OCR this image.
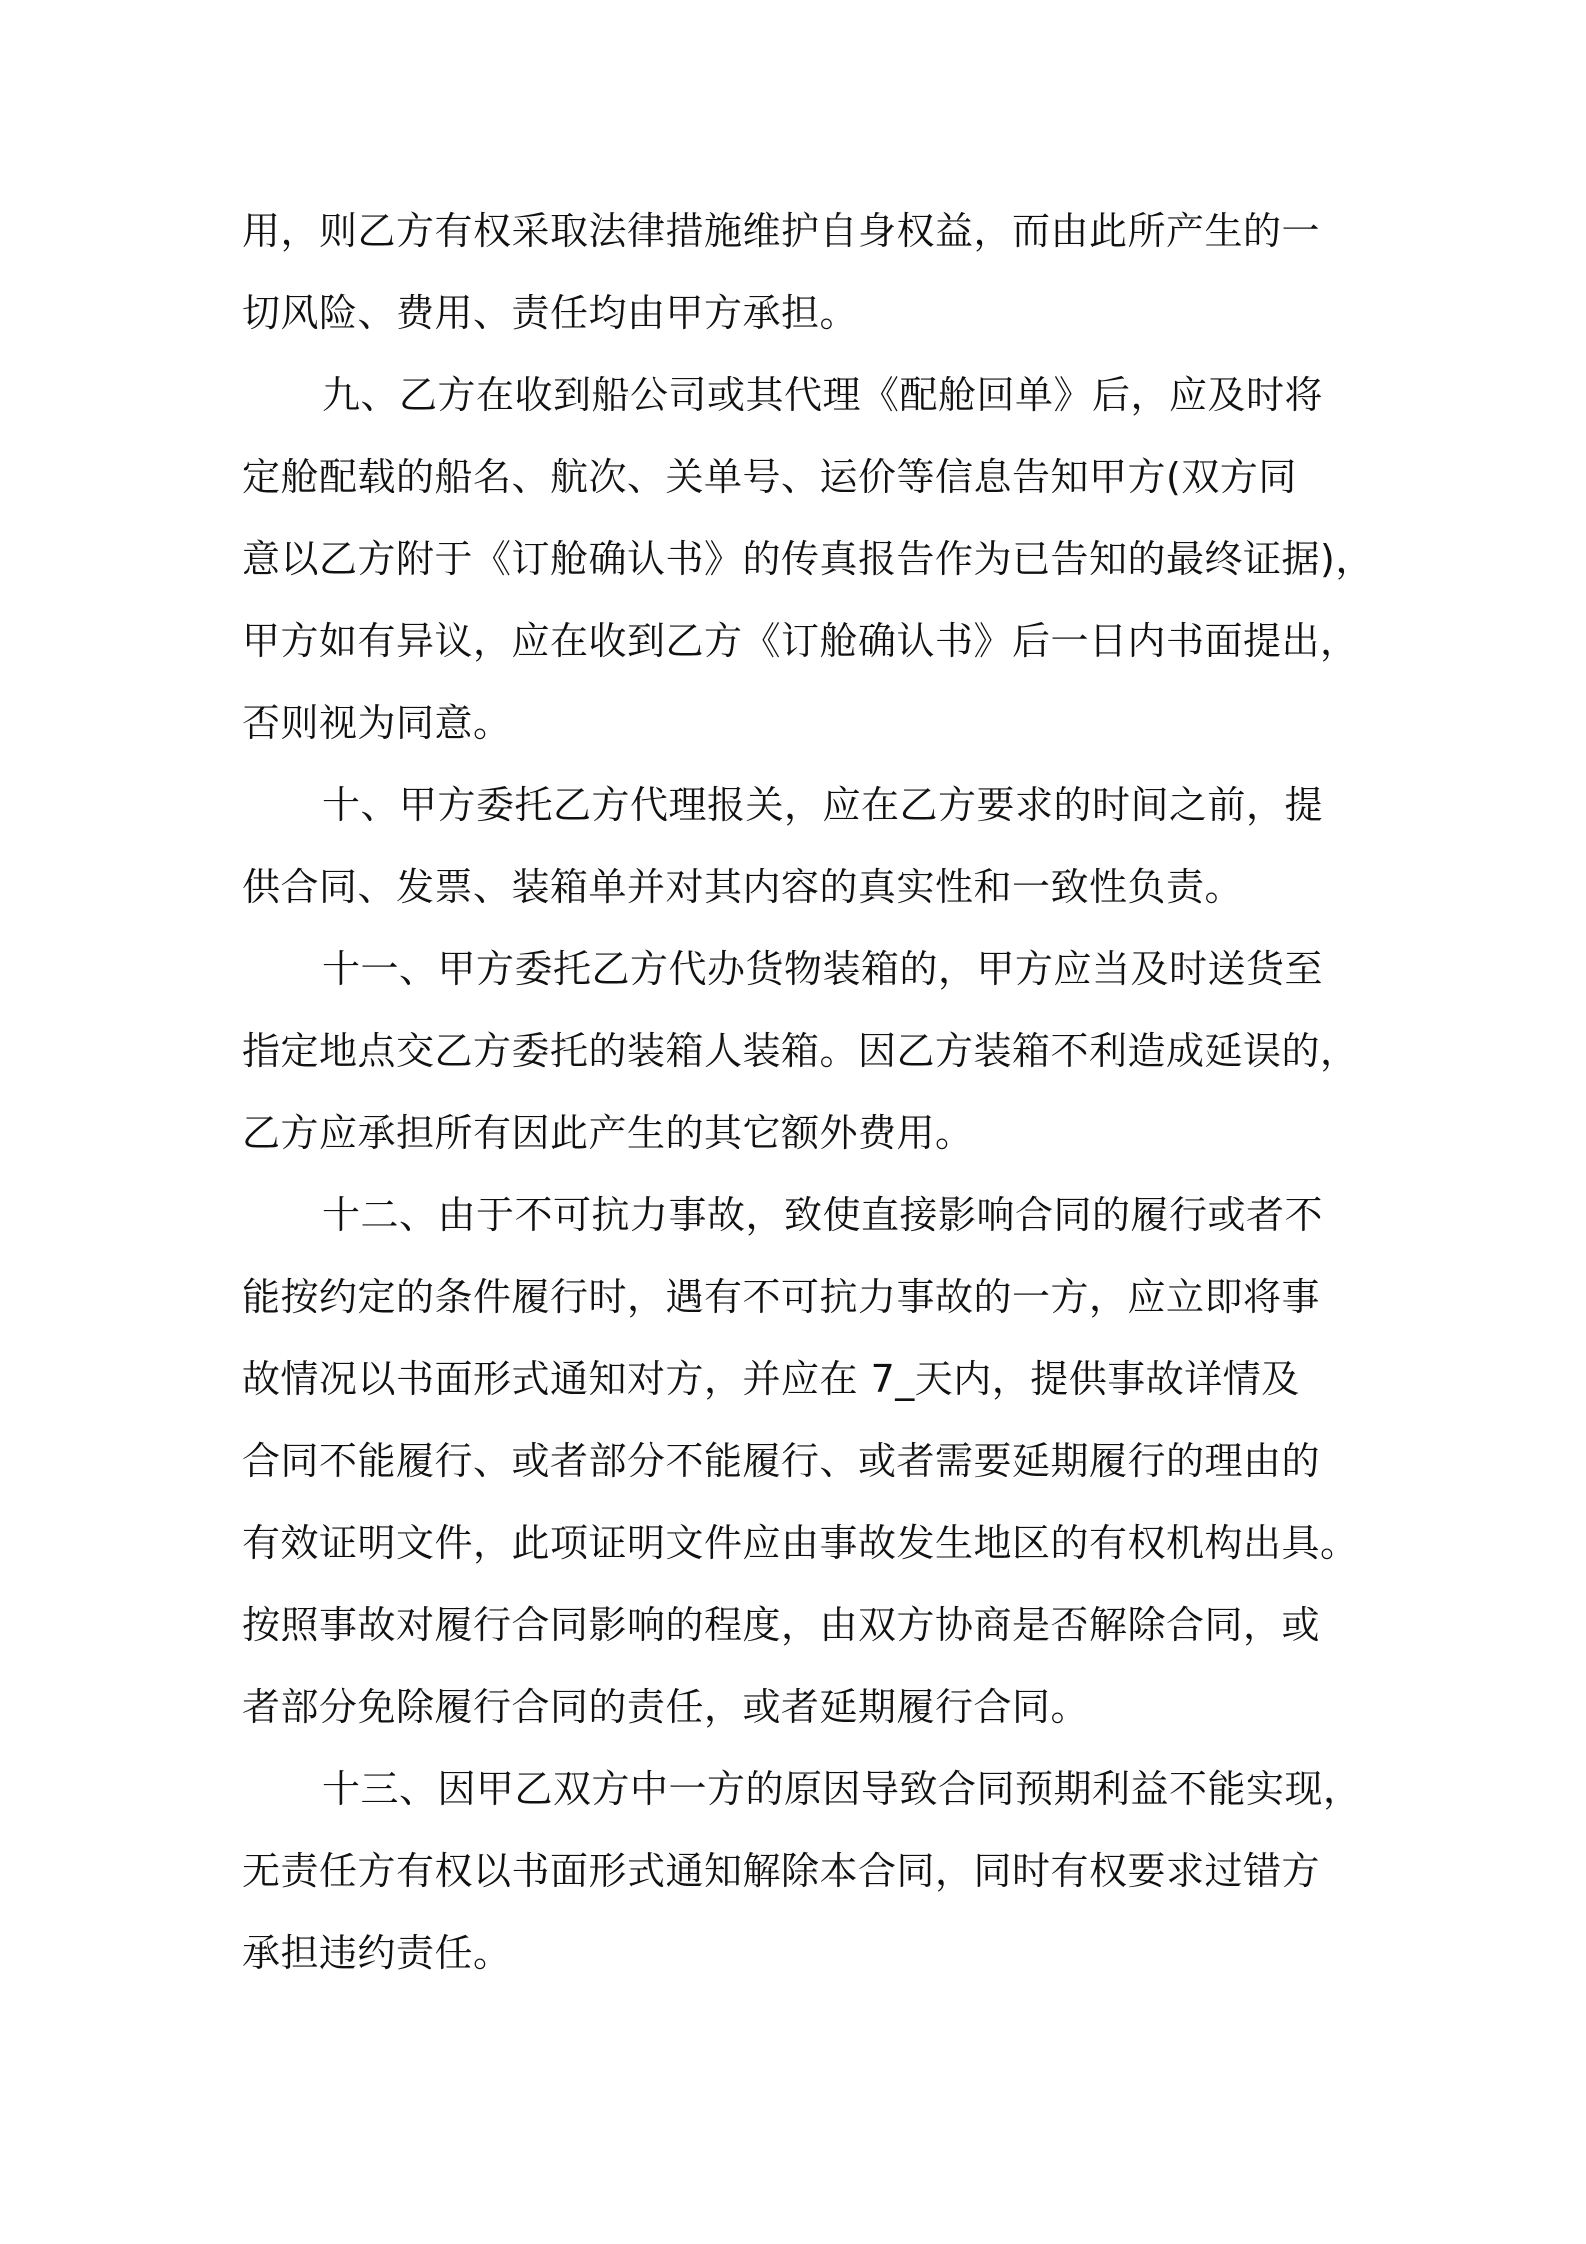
用，则乙方有权采取法律措施维护自身权益，而由此所产生的一
切风险、费用、责任均由甲方承担。
九、乙方在收到船公司或其代理《配舱回单》后，应及时将
定舱配载的船名、航次、关单号、运价等信息告知甲方(双方同
意以乙方附于《订舱确认书》的传真报告作为已告知的最终证据)，
甲方如有异议，应在收到乙方《订舱确认书》后一日内书面提出，
否则视为同意。
十、甲方委托乙方代理报关，应在乙方要求的时间之前，提
供合同、发票、装箱单并对其内容的真实性和一致性负责。
十一、甲方委托乙方代办货物装箱的，甲方应当及时送货至
指定地点交乙方委托的装箱人装箱。因乙方装箱不利造成延误的，
乙方应承担所有因此产生的其它额外费用。
十二、由于不可抗力事故，致使直接影响合同的履行或者不
能按约定的条件履行时，遇有不可抗力事故的一方，应立即将事
故情况以书面形式通知对方，并应在 7_天内，提供事故详情及
合同不能履行、或者部分不能履行、或者需要延期履行的理由的
有效证明文件，此项证明文件应由事故发生地区的有权机构出具。
按照事故对履行合同影响的程度，由双方协商是否解除合同，或
者部分免除履行合同的责任，或者延期履行合同。
十三、因甲乙双方中一方的原因导致合同预期利益不能实现，
无责任方有权以书面形式通知解除本合同，同时有权要求过错方
承担违约责任。
